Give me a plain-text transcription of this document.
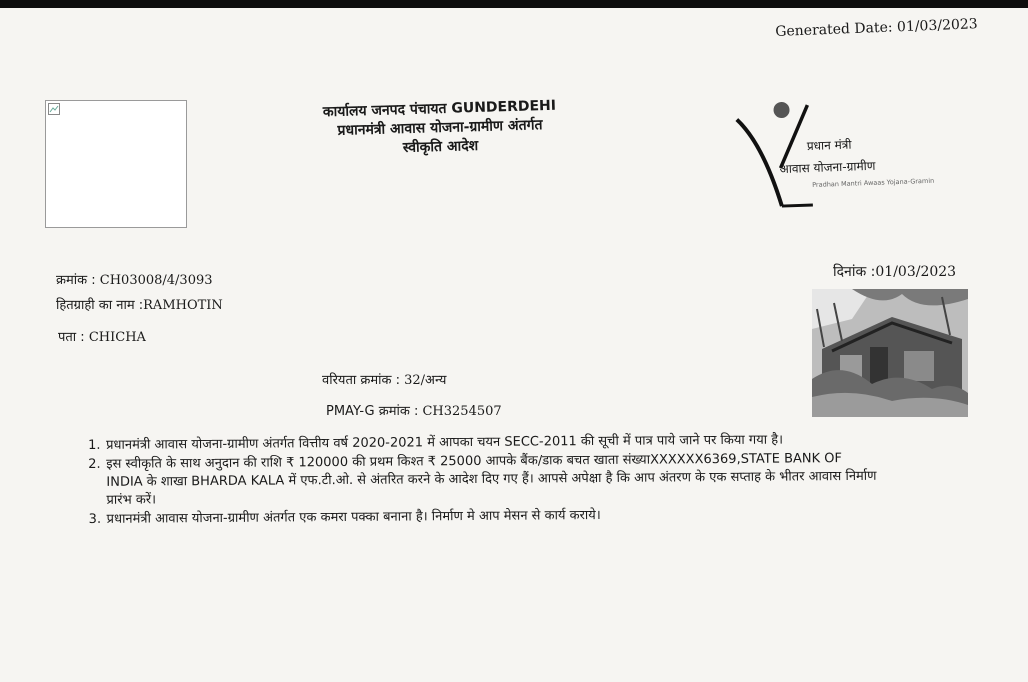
Generated Date: 01/03/2023
कार्यालय जनपद पंचायत GUNDERDEHI
प्रधानमंत्री आवास योजना-ग्रामीण अंतर्गत
स्वीकृति आदेश	प्रधान मंत्री
आवास योजना-ग्रामीण
Pradhan Mantri Awaas Yojana-Gramin
क्रमांक : CH03008/4/3093
हितग्राही का नाम :RAMHOTIN
पता : CHICHA
दिनांक :01/03/2023
वरियता क्रमांक : 32/अन्य
PMAY-G क्रमांक : CH3254507
1. प्रधानमंत्री आवास योजना-ग्रामीण अंतर्गत वित्तीय वर्ष 2020-2021 में आपका चयन SECC-2011 की सूची में पात्र पाये जाने पर किया गया है।
2. इस स्वीकृति के साथ अनुदान की राशि ₹ 120000 की प्रथम किश्त ₹ 25000 आपके बैंक/डाक बचत खाता संख्याXXXXXX6369,STATE BANK OF INDIA के शाखा BHARDA KALA में एफ.टी.ओ. से अंतरित करने के आदेश दिए गए हैं। आपसे अपेक्षा है कि आप अंतरण के एक सप्ताह के भीतर आवास निर्माण प्रारंभ करें।
3. प्रधानमंत्री आवास योजना-ग्रामीण अंतर्गत एक कमरा पक्का बनाना है। निर्माण मे आप मेसन से कार्य कराये।
